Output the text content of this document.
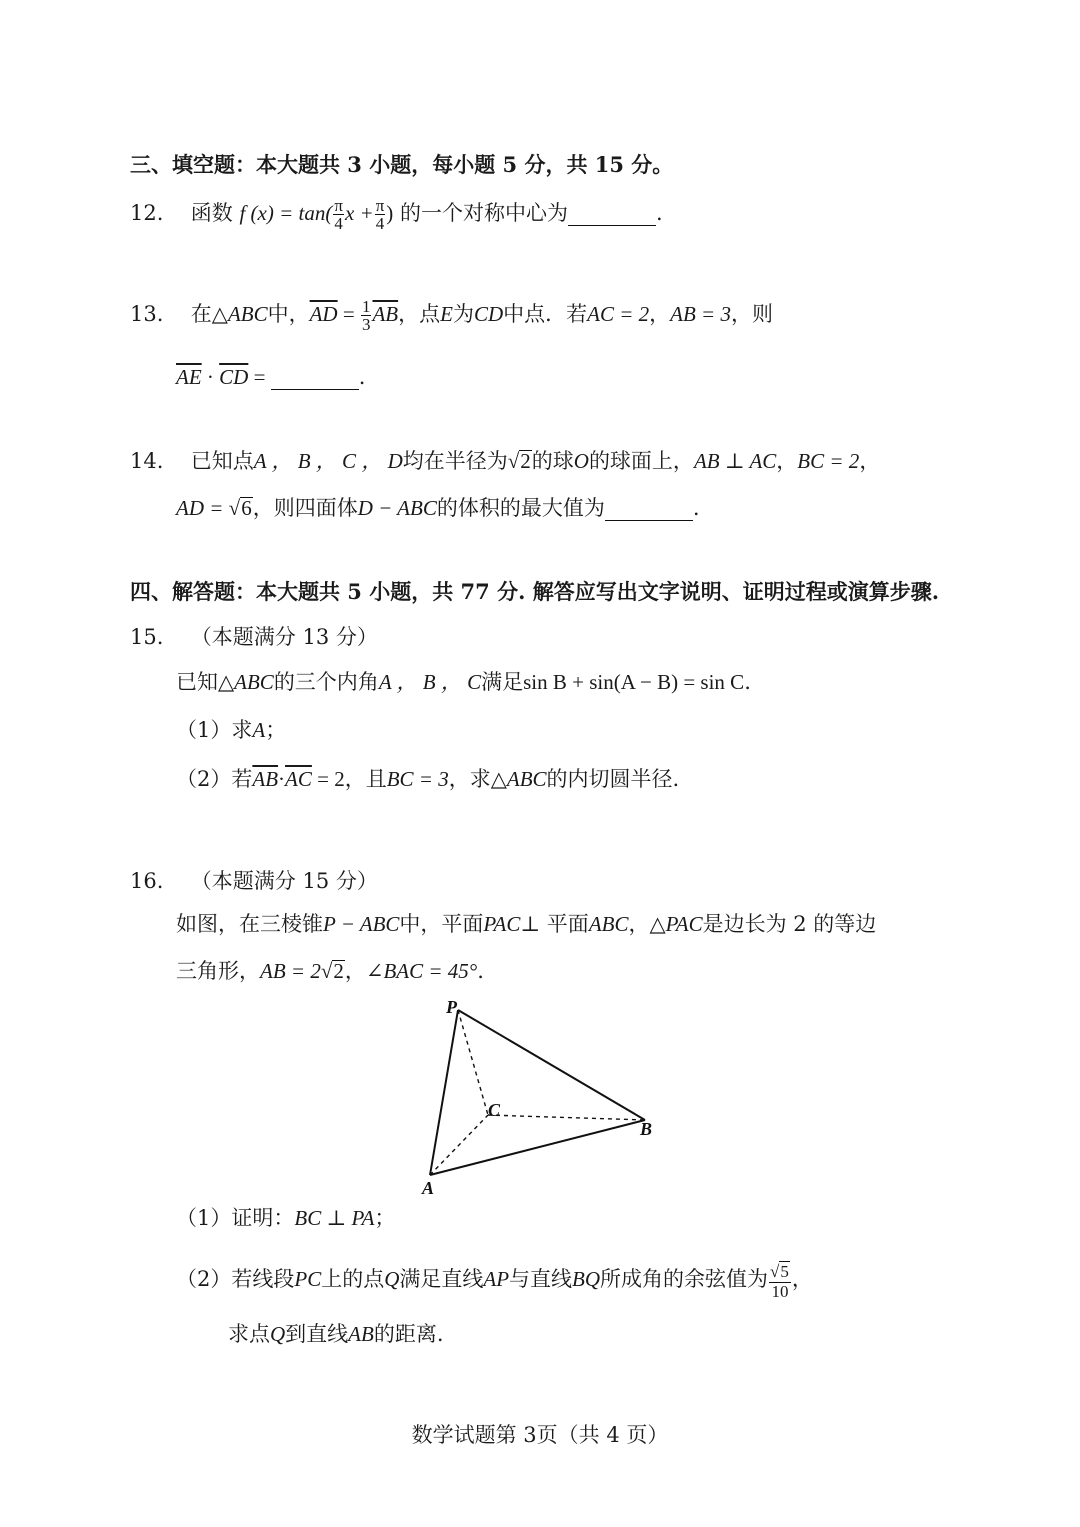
三、填空题：本大题共 3 小题，每小题 5 分，共 15 分。
12. 函数 f $(x) = \tan( \frac{\pi}{4}$ $x + \frac{\pi}{4}$ ) 的一个对称中心为	.
13. 在△ABC中，$\overline{AD} = \frac{1}{3} \overline{AB}$，点E为CD中点．若AC = 2，AB = 3，则
$\overline{AE} \cdot \overline{CD}$ =	.
14. 已知点A ， B ， C ， D均在半径为√2的球O的球面上，AB ⊥ AC，BC = 2，
AD = √6，则四面体D − ABC的体积的最大值为	.
四、解答题：本大题共 5 小题，共 77 分. 解答应写出文字说明、证明过程或演算步骤.
15. （本题满分 13 分）
已知△ABC的三个内角A ， B ， C满足sin B + sin(A − B) = sin C.
（1）求A；
（2）若$\overline{AB}\cdot\overline{AC} = 2$，且BC = 3，求△ABC的内切圆半径.
16. （本题满分 15 分）
如图，在三棱锥P − ABC中，平面PAC⊥ 平面ABC，△PAC是边长为 2 的等边
三角形，AB = 2√2，∠BAC = 45°.
P
A
B
C
（1）证明：BC ⊥ PA；
（2）若线段PC上的点Q满足直线AP与直线BQ所成角的余弦值为 $\frac{√5}{10}$ ，
求点Q到直线AB的距离.
数学试题第 3页（共 4 页）
